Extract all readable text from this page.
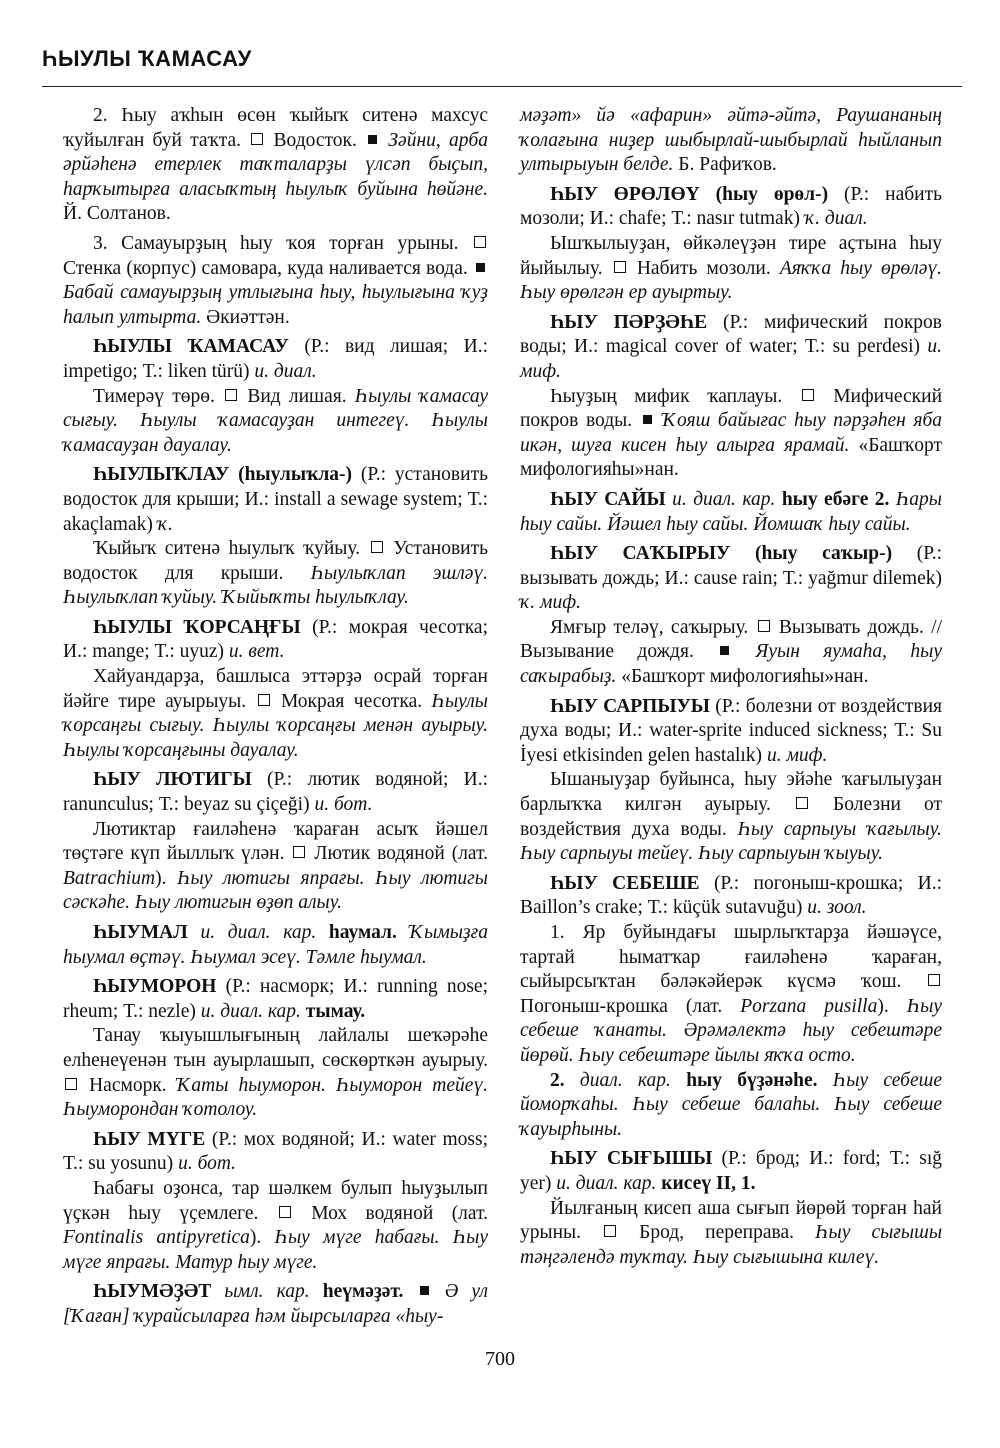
ҺЫУЛЫ ҠАМАСАУ

2. Һыу аҡһын өсөн ҡыйыҡ ситенә махсус ҡуйылған буй таҡта. Водосток. Зәйни, арба әрйәһенә етерлек таҡталарҙы үлсәп быҫып, һарҡытырға аласыҡтың һыулыҡ буйына һөйәне. Й. Солтанов.

3. Самауырҙың һыу ҡоя торған урыны.  Стенка (корпус) самовара, куда наливается вода.  Бабай самауырҙың утлығына һыу, һыулығына ҡуҙ һалып ултырта. Әкиәттән.

ҺЫУЛЫ ҠАМАСАУ (Р.: вид лишая; И.: impetigo; Т.: liken türü) и. диал.

Тимерәү төрө. Вид лишая. Һыулы ҡамасау сығыу. Һыулы ҡамасауҙан интегеү. Һыулы ҡамасауҙан дауалау.

ҺЫУЛЫҠЛАУ (һыулыҡла-) (Р.: установить водосток для крыши; И.: install a sewage system; Т.: akaçlamak) ҡ.

Ҡыйыҡ ситенә һыулыҡ ҡуйыу. Установить водосток для крыши. Һыулыҡлап эшләү. Һыулыҡлап ҡуйыу. Ҡыйыҡты һыулыҡлау.

ҺЫУЛЫ ҠОРСАҢҒЫ (Р.: мокрая чесотка; И.: mange; Т.: uyuz) и. вет.

Хайуандарҙа, башлыса эттәрҙә осрай торған йәйге тире ауырыуы. Мокрая чесотка. Һыулы ҡорсаңғы сығыу. Һыулы ҡорсаңғы менән ауырыу. Һыулы ҡорсаңғыны дауалау.

ҺЫУ ЛЮТИГЫ (Р.: лютик водяной; И.: ranunculus; Т.: beyaz su çiçeği) и. бот.

Лютиктар ғаиләһенә ҡараған асыҡ йәшел төҫтәге күп йыллыҡ үлән. Лютик водяной (лат. Batrachium). Һыу лютигы япрағы. Һыу лютигы сәскәһе. Һыу лютигын өҙөп алыу.

ҺЫУМАЛ и. диал. кар. һаумал. Ҡымыҙға һыумал өҫтәү. Һыумал эсеү. Тәмле һыумал.

ҺЫУМОРОН (Р.: насморк; И.: running nose; rheum; Т.: nezle) и. диал. кар. тымау.

Танау ҡыуышлығының лайлалы шеҡәрәһе елһенеүенән тын ауырлашып, сөскөрткән ауырыу.  Насморк. Ҡаты һыуморон. Һыуморон тейеү. Һыуморондан ҡотолоу.

ҺЫУ МҮГЕ (Р.: мох водяной; И.: water moss; Т.: su yosunu) и. бот.

Һабағы оҙонса, тар шәлкем булып һыуҙылып үҫкән һыу үҫемлеге.	Мох водяной (лат. Fontinalis antipyretica). Һыу мүге һабағы. Һыу мүге япрағы. Матур һыу мүге.

ҺЫУМӘҘӘТ ымл. кар. һеүмәҙәт. Ә ул [Ҡаған] ҡурайсыларға һәм йырсыларға «һыу-

мәҙәт» йә «афарин» әйтә-әйтә, Раушананың ҡолағына ниҙер шыбырлай-шыбырлай һыйланып ултырыуын белде. Б. Рафиҡов.

ҺЫУ ӨРӨЛӨҮ (һыу өрөл-) (Р.: набить мозоли; И.: chafe; Т.: nasır tutmak) ҡ. диал.

Ышҡылыуҙан, өйкәлеүҙән тире аҫтына һыу йыйылыу. Набить мозоли. Аяҡҡа һыу өрөләү. Һыу өрөлгән ер ауыртыу.

ҺЫУ ПӘРҘӘҺЕ (Р.: мифический покров воды; И.: magical cover of water; Т.: su perdesi) и. миф.

Һыуҙың мифик ҡаплауы.	Мифический покров воды. Ҡояш байығас һыу пәрҙәһен яба икән, шуға кисен һыу алырға ярамай. «Башҡорт мифологияһы»нан.

ҺЫУ САЙЫ и. диал. кар. һыу ебәге 2. Һары һыу сайы. Йәшел һыу сайы. Йомшаҡ һыу сайы.

ҺЫУ САҠЫРЫУ (һыу саҡыр-) (Р.: вызывать дождь; И.: cause rain; Т.: yağmur dilemek) ҡ. миф.

Ямғыр теләү, саҡырыу. Вызывать дождь. // Вызывание дождя.	Яуын яумаһа, һыу саҡырабыҙ. «Башҡорт мифологияһы»нан.

ҺЫУ САРПЫУЫ (Р.: болезни от воздействия духа воды; И.: water-sprite induced sickness; Т.: Su İyesi etkisinden gelen hastalık) и. миф.

Ышаныуҙар буйынса, һыу эйәһе ҡағылыуҙан барлыҡҡа килгән ауырыу.	Болезни от воздействия духа воды. Һыу сарпыуы ҡағылыу. Һыу сарпыуы тейеү. Һыу сарпыуын ҡыуыу.

ҺЫУ СЕБЕШЕ (Р.: погоныш-крошка; И.: Baillon’s crake; Т.: küçük sutavuğu) и. зоол.

1. Яр буйындағы шырлыҡтарҙа йәшәүсе, тартай һыматҡар ғаиләһенә ҡараған, сыйырсыҡтан бәләкәйерәк күсмә ҡош.  Погоныш-крошка (лат. Porzana pusilla). Һыу себеше ҡанаты. Әрәмәлектә һыу себештәре йөрөй. Һыу себештәре йылы яҡҡа осто.

2. диал. кар. һыу бүҙәнәһе. Һыу себеше йоморҡаһы. Һыу себеше балаһы. Һыу себеше ҡауырһыны.

ҺЫУ СЫҒЫШЫ (Р.: брод; И.: ford; Т.: sığ yer) и. диал. кар. кисеү II, 1.

Йылғаның кисеп аша сығып йөрөй торған һай урыны.	Брод, переправа. Һыу сығышы тәңгәлендә туҡтау. Һыу сығышына килеү.

700
